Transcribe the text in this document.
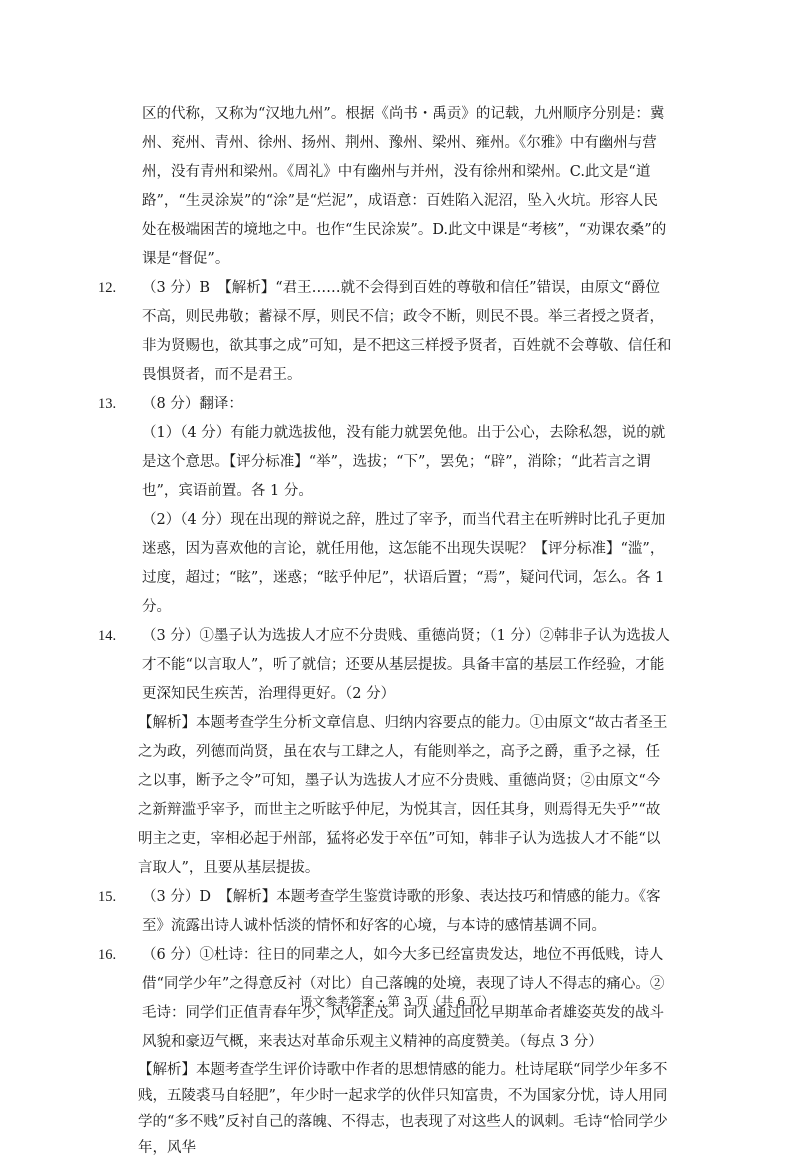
区的代称，又称为“汉地九州”。根据《尚书・禹贡》的记载，九州顺序分别是：冀州、兖州、青州、徐州、扬州、荆州、豫州、梁州、雍州。《尔雅》中有幽州与营州，没有青州和梁州。《周礼》中有幽州与并州，没有徐州和梁州。C.此文是“道路”，“生灵涂炭”的“涂”是“烂泥”，成语意：百姓陷入泥沼，坠入火坑。形容人民处在极端困苦的境地之中。也作“生民涂炭”。D.此文中课是“考核”，“劝课农桑”的课是“督促”。

12.	（3 分）B　【解析】“君王……就不会得到百姓的尊敬和信任”错误，由原文“爵位不高，则民弗敬；蓄禄不厚，则民不信；政令不断，则民不畏。举三者授之贤者，非为贤赐也，欲其事之成”可知，是不把这三样授予贤者，百姓就不会尊敬、信任和畏惧贤者，而不是君王。

13.	（8 分）翻译：

（1）（4 分）有能力就选拔他，没有能力就罢免他。出于公心，去除私怨，说的就是这个意思。【评分标准】“举”，选拔；“下”，罢免；“辟”，消除；“此若言之谓也”，宾语前置。各 1 分。

（2）（4 分）现在出现的辩说之辞，胜过了宰予，而当代君主在听辨时比孔子更加迷惑，因为喜欢他的言论，就任用他，这怎能不出现失误呢？【评分标准】“滥”，过度，超过；“眩”，迷惑；“眩乎仲尼”，状语后置；“焉”，疑问代词，怎么。各 1 分。

14.	（3 分）①墨子认为选拔人才应不分贵贱、重德尚贤；（1 分）②韩非子认为选拔人才不能“以言取人”，听了就信；还要从基层提拔。具备丰富的基层工作经验，才能更深知民生疾苦，治理得更好。（2 分）

【解析】本题考查学生分析文章信息、归纳内容要点的能力。①由原文“故古者圣王之为政，列德而尚贤，虽在农与工肆之人，有能则举之，高予之爵，重予之禄，任之以事，断予之令”可知，墨子认为选拔人才应不分贵贱、重德尚贤；②由原文“今之新辩滥乎宰予，而世主之听眩乎仲尼，为悦其言，因任其身，则焉得无失乎”“故明主之吏，宰相必起于州部，猛将必发于卒伍”可知，韩非子认为选拔人才不能“以言取人”，且要从基层提拔。

15.	（3 分）D　【解析】本题考查学生鉴赏诗歌的形象、表达技巧和情感的能力。《客至》流露出诗人诚朴恬淡的情怀和好客的心境，与本诗的感情基调不同。

16.	（6 分）①杜诗：往日的同辈之人，如今大多已经富贵发达，地位不再低贱，诗人借“同学少年”之得意反衬（对比）自己落魄的处境，表现了诗人不得志的痛心。②毛诗：同学们正值青春年少，风华正茂。词人通过回忆早期革命者雄姿英发的战斗风貌和豪迈气概，来表达对革命乐观主义精神的高度赞美。（每点 3 分）

【解析】本题考查学生评价诗歌中作者的思想情感的能力。杜诗尾联“同学少年多不贱，五陵裘马自轻肥”，年少时一起求学的伙伴只知富贵，不为国家分忧，诗人用同学的“多不贱”反衬自己的落魄、不得志，也表现了对这些人的讽刺。毛诗“恰同学少年，风华

语文参考答案・第 3 页（共 6 页）
